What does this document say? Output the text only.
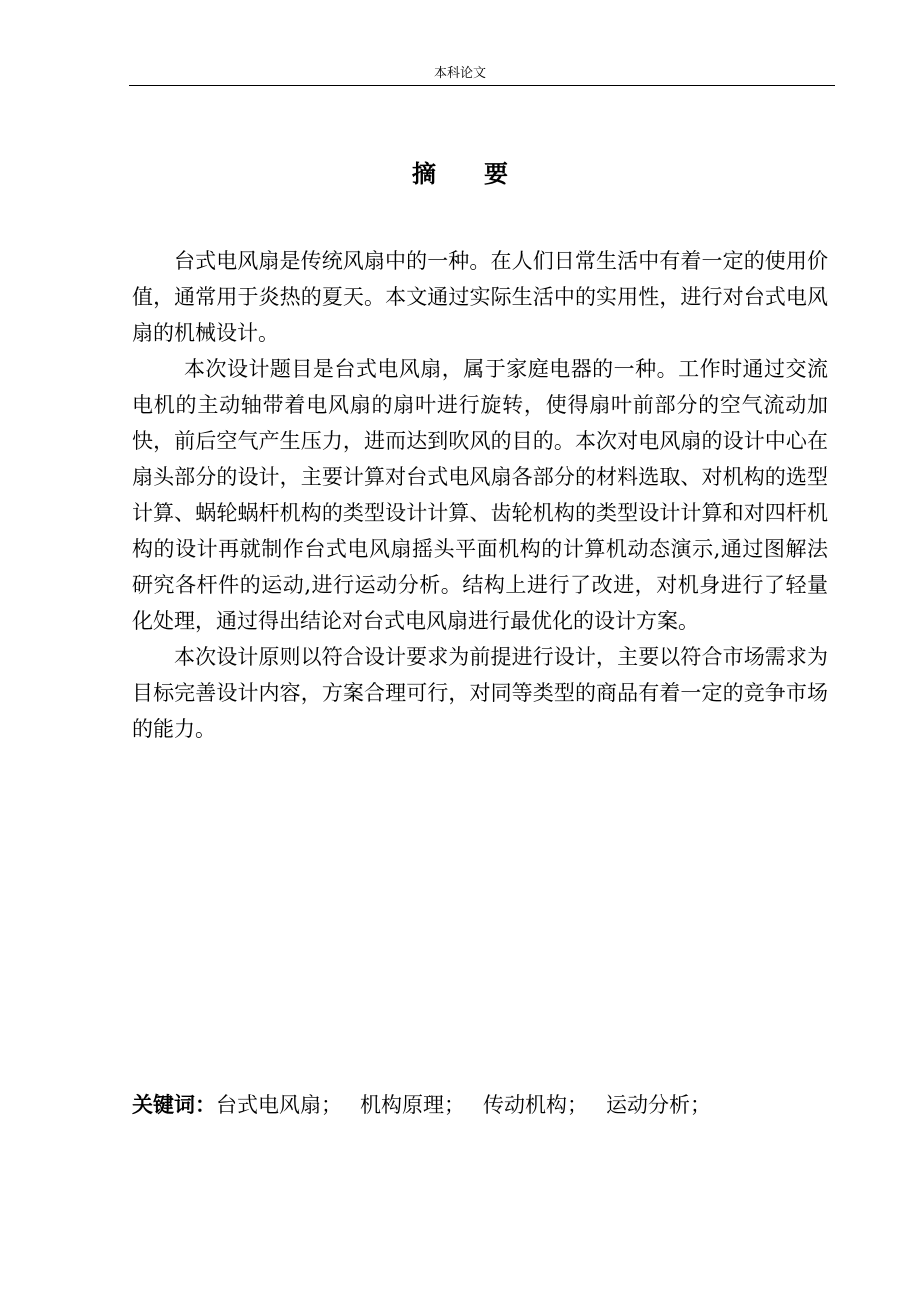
本科论文
摘 要

台式电风扇是传统风扇中的一种。在人们日常生活中有着一定的使用价值，通常用于炎热的夏天。本文通过实际生活中的实用性，进行对台式电风扇的机械设计。

本次设计题目是台式电风扇，属于家庭电器的一种。工作时通过交流电机的主动轴带着电风扇的扇叶进行旋转，使得扇叶前部分的空气流动加快，前后空气产生压力，进而达到吹风的目的。本次对电风扇的设计中心在扇头部分的设计，主要计算对台式电风扇各部分的材料选取、对机构的选型计算、蜗轮蜗杆机构的类型设计计算、齿轮机构的类型设计计算和对四杆机构的设计再就制作台式电风扇摇头平面机构的计算机动态演示,通过图解法研究各杆件的运动,进行运动分析。结构上进行了改进，对机身进行了轻量化处理，通过得出结论对台式电风扇进行最优化的设计方案。

本次设计原则以符合设计要求为前提进行设计，主要以符合市场需求为目标完善设计内容，方案合理可行，对同等类型的商品有着一定的竞争市场的能力。

关键词：台式电风扇； 机构原理； 传动机构； 运动分析；
